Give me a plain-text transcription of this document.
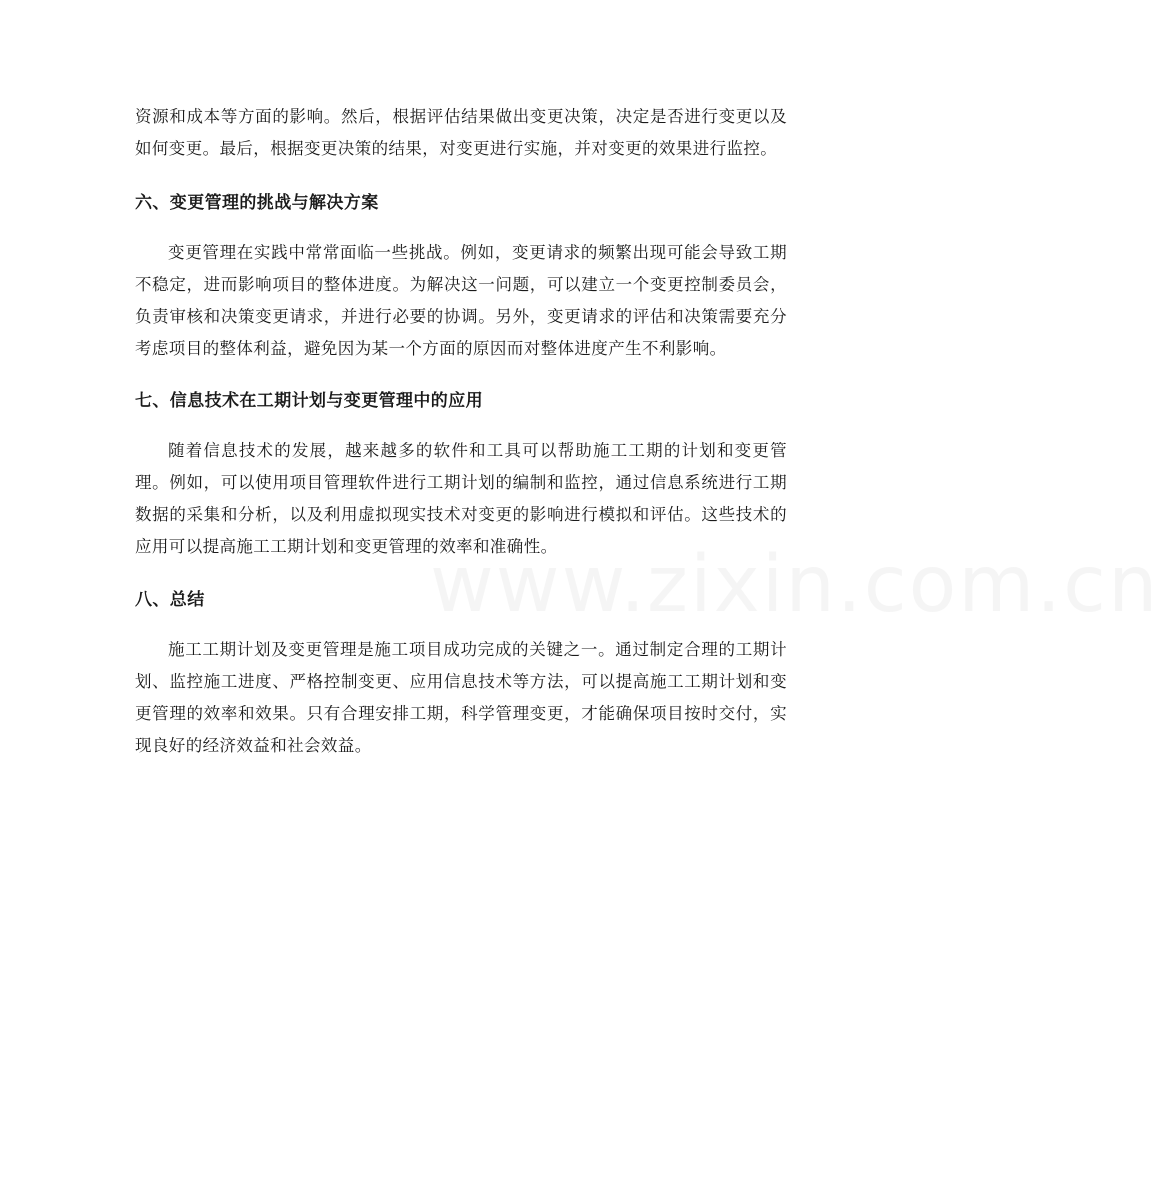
资源和成本等方面的影响。然后，根据评估结果做出变更决策，决定是否进行变更以及如何变更。最后，根据变更决策的结果，对变更进行实施，并对变更的效果进行监控。

六、变更管理的挑战与解决方案

变更管理在实践中常常面临一些挑战。例如，变更请求的频繁出现可能会导致工期不稳定，进而影响项目的整体进度。为解决这一问题，可以建立一个变更控制委员会，负责审核和决策变更请求，并进行必要的协调。另外，变更请求的评估和决策需要充分考虑项目的整体利益，避免因为某一个方面的原因而对整体进度产生不利影响。

七、信息技术在工期计划与变更管理中的应用

随着信息技术的发展，越来越多的软件和工具可以帮助施工工期的计划和变更管理。例如，可以使用项目管理软件进行工期计划的编制和监控，通过信息系统进行工期数据的采集和分析，以及利用虚拟现实技术对变更的影响进行模拟和评估。这些技术的应用可以提高施工工期计划和变更管理的效率和准确性。

八、总结

施工工期计划及变更管理是施工项目成功完成的关键之一。通过制定合理的工期计划、监控施工进度、严格控制变更、应用信息技术等方法，可以提高施工工期计划和变更管理的效率和效果。只有合理安排工期，科学管理变更，才能确保项目按时交付，实现良好的经济效益和社会效益。

www.zixin.com.cn
